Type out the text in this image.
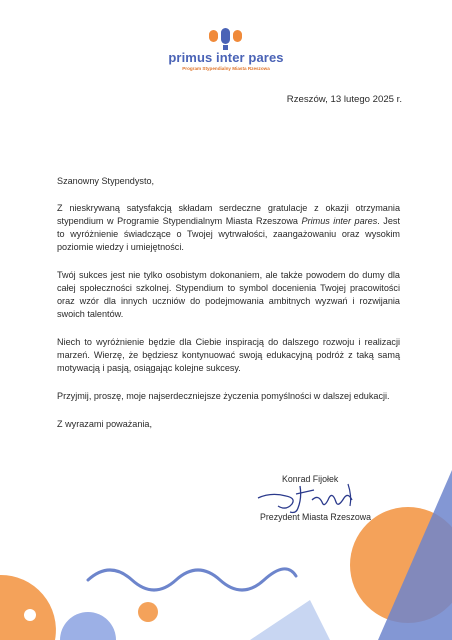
primus inter pares
Program Stypendialny Miasta Rzeszowa
Rzeszów, 13 lutego 2025 r.

Szanowny Stypendysto,

Z nieskrywaną satysfakcją składam serdeczne gratulacje z okazji otrzymania stypendium w Programie Stypendialnym Miasta Rzeszowa Primus inter pares. Jest to wyróżnienie świadczące o Twojej wytrwałości, zaangażowaniu oraz wysokim poziomie wiedzy i umiejętności.

Twój sukces jest nie tylko osobistym dokonaniem, ale także powodem do dumy dla całej społeczności szkolnej. Stypendium to symbol docenienia Twojej pracowitości oraz wzór dla innych uczniów do podejmowania ambitnych wyzwań i rozwijania swoich talentów.

Niech to wyróżnienie będzie dla Ciebie inspiracją do dalszego rozwoju i realizacji marzeń. Wierzę, że będziesz kontynuować swoją edukacyjną podróż z taką samą motywacją i pasją, osiągając kolejne sukcesy.

Przyjmij, proszę, moje najserdeczniejsze życzenia pomyślności w dalszej edukacji.

Z wyrazami poważania,

Konrad Fijołek
Prezydent Miasta Rzeszowa
